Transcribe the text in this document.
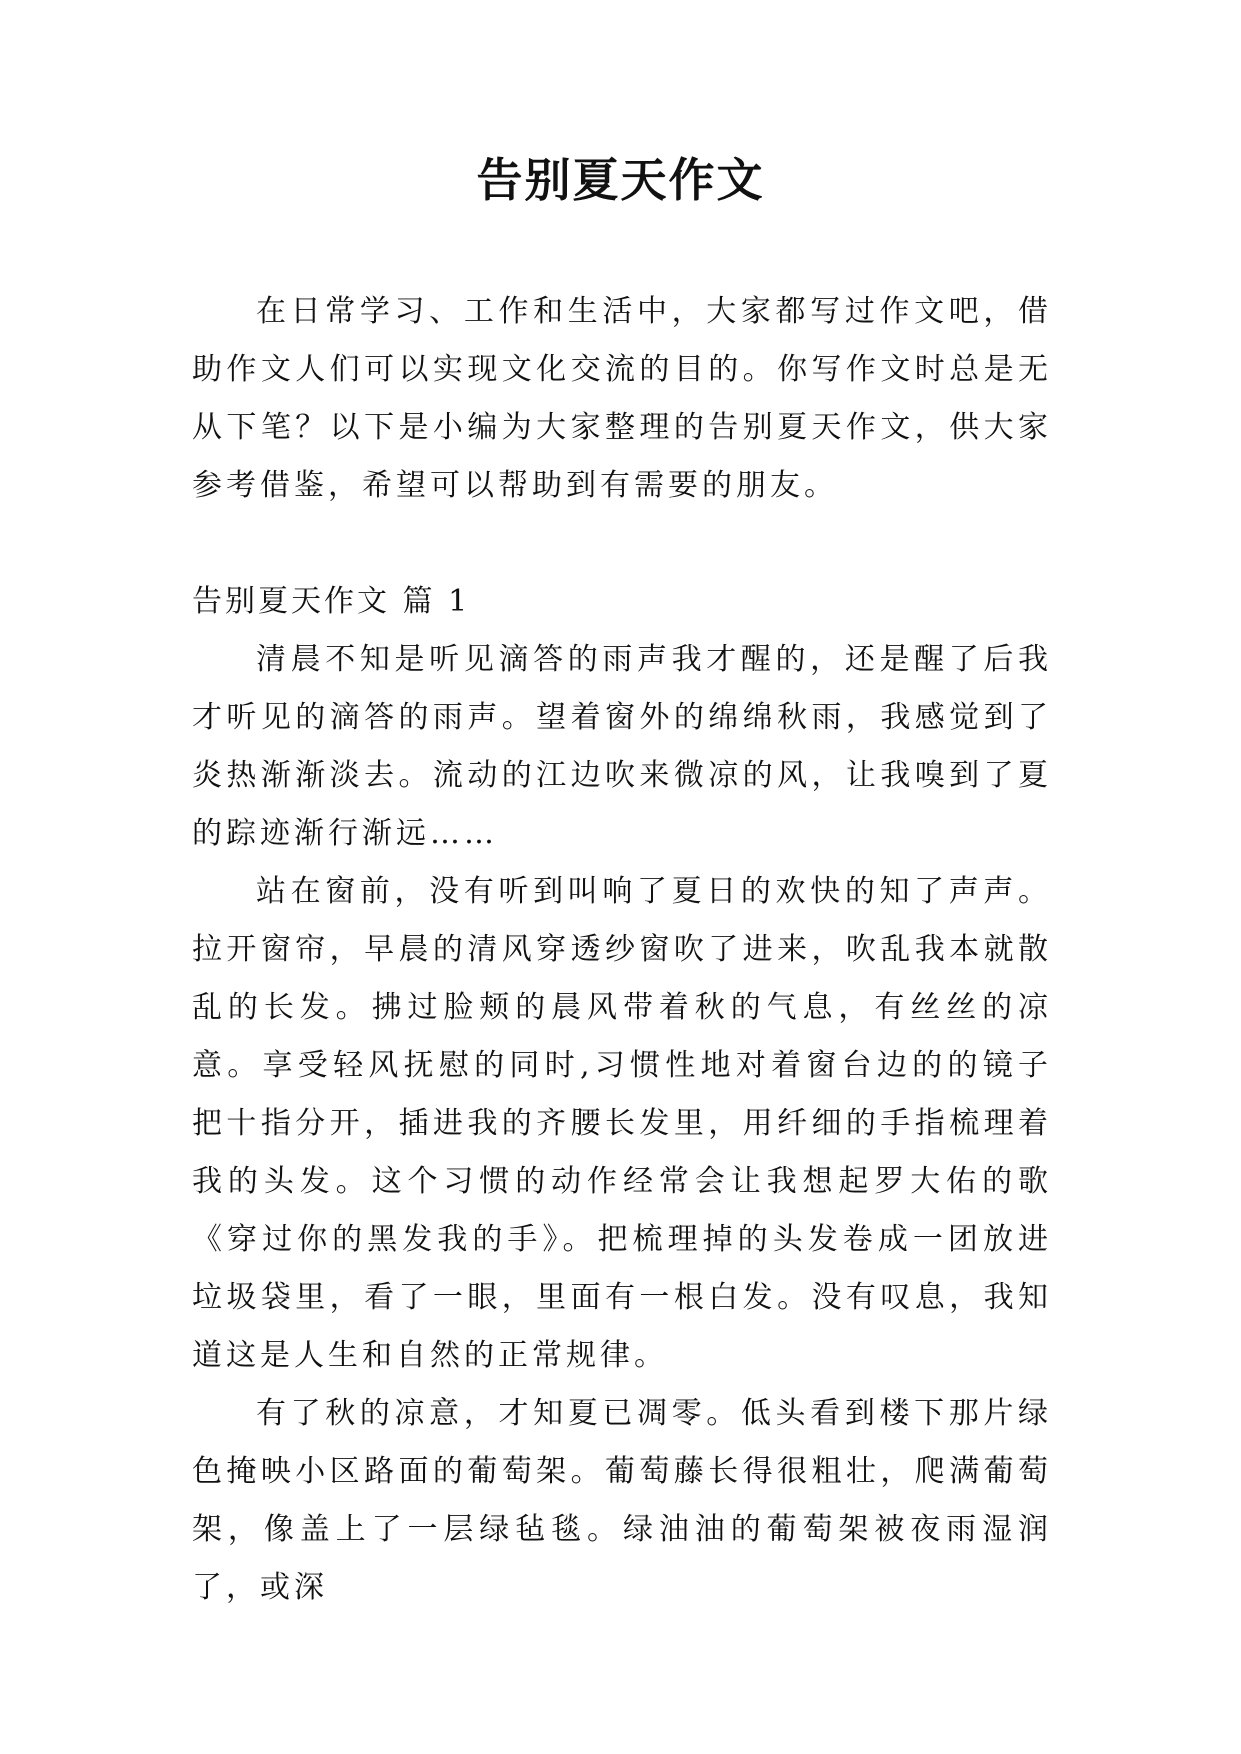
告别夏天作文

在日常学习、工作和生活中，大家都写过作文吧，借助作文人们可以实现文化交流的目的。你写作文时总是无从下笔？以下是小编为大家整理的告别夏天作文，供大家参考借鉴，希望可以帮助到有需要的朋友。

告别夏天作文 篇 1

清晨不知是听见滴答的雨声我才醒的，还是醒了后我才听见的滴答的雨声。望着窗外的绵绵秋雨，我感觉到了炎热渐渐淡去。流动的江边吹来微凉的风，让我嗅到了夏的踪迹渐行渐远……

站在窗前，没有听到叫响了夏日的欢快的知了声声。拉开窗帘，早晨的清风穿透纱窗吹了进来，吹乱我本就散乱的长发。拂过脸颊的晨风带着秋的气息，有丝丝的凉意。享受轻风抚慰的同时,习惯性地对着窗台边的的镜子把十指分开，插进我的齐腰长发里，用纤细的手指梳理着我的头发。这个习惯的动作经常会让我想起罗大佑的歌《穿过你的黑发我的手》。把梳理掉的头发卷成一团放进垃圾袋里，看了一眼，里面有一根白发。没有叹息，我知道这是人生和自然的正常规律。

有了秋的凉意，才知夏已凋零。低头看到楼下那片绿色掩映小区路面的葡萄架。葡萄藤长得很粗壮，爬满葡萄架，像盖上了一层绿毡毯。绿油油的葡萄架被夜雨湿润了，或深
